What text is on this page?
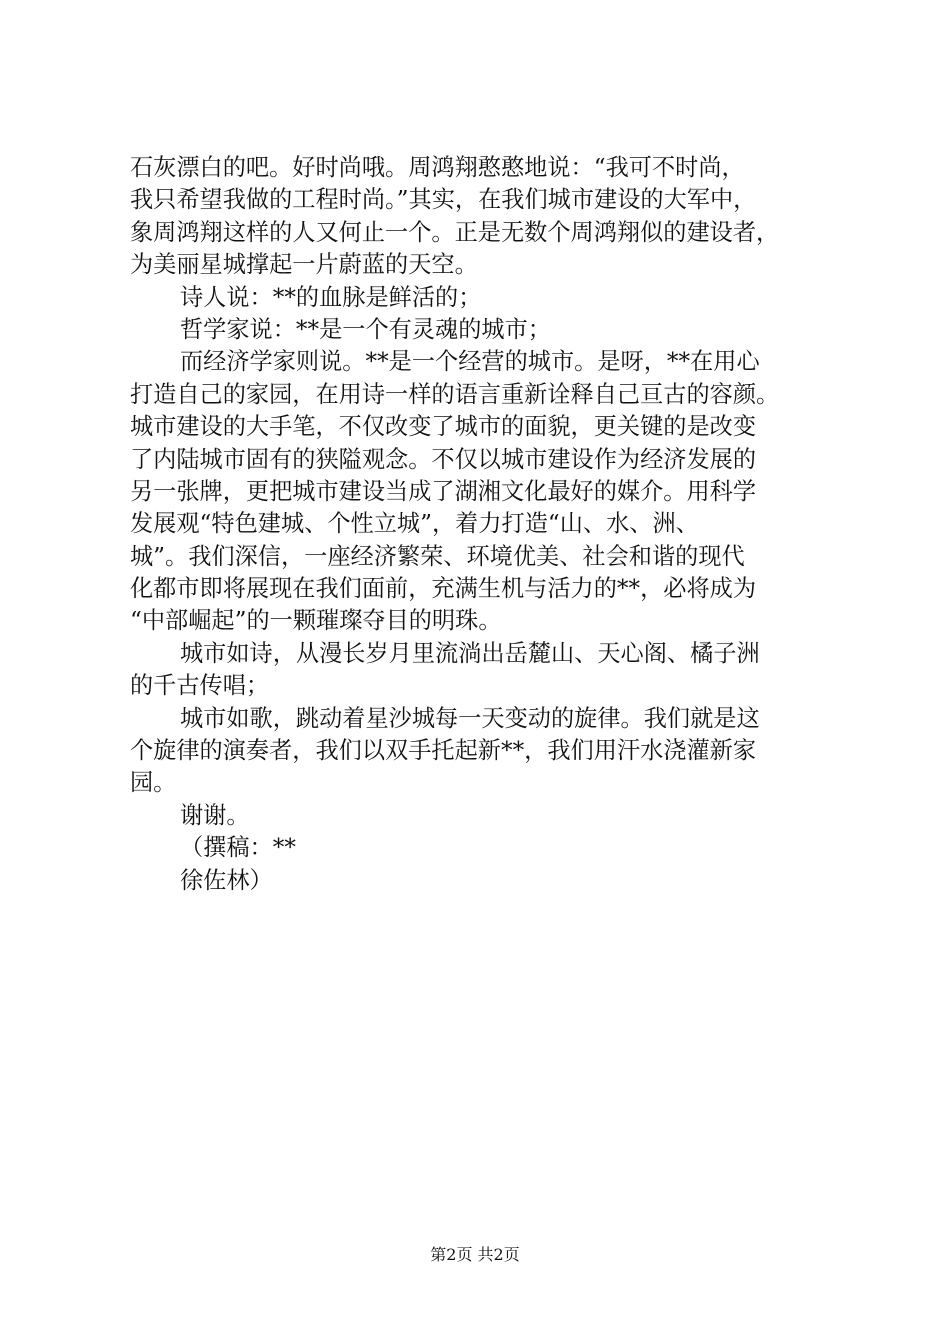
石灰漂白的吧。好时尚哦。周鸿翔憨憨地说：“我可不时尚，
我只希望我做的工程时尚。”其实，在我们城市建设的大军中，
象周鸿翔这样的人又何止一个。正是无数个周鸿翔似的建设者，
为美丽星城撑起一片蔚蓝的天空。
诗人说：**的血脉是鲜活的；
哲学家说：**是一个有灵魂的城市；
而经济学家则说。**是一个经营的城市。是呀，**在用心
打造自己的家园，在用诗一样的语言重新诠释自己亘古的容颜。
城市建设的大手笔，不仅改变了城市的面貌，更关键的是改变
了内陆城市固有的狭隘观念。不仅以城市建设作为经济发展的
另一张牌，更把城市建设当成了湖湘文化最好的媒介。用科学
发展观“特色建城、个性立城”，着力打造“山、水、洲、
城”。我们深信，一座经济繁荣、环境优美、社会和谐的现代
化都市即将展现在我们面前，充满生机与活力的**，必将成为
“中部崛起”的一颗璀璨夺目的明珠。
城市如诗，从漫长岁月里流淌出岳麓山、天心阁、橘子洲
的千古传唱；
城市如歌，跳动着星沙城每一天变动的旋律。我们就是这
个旋律的演奏者，我们以双手托起新**，我们用汗水浇灌新家
园。
谢谢。
（撰稿：**
徐佐林）
第2页 共2页
